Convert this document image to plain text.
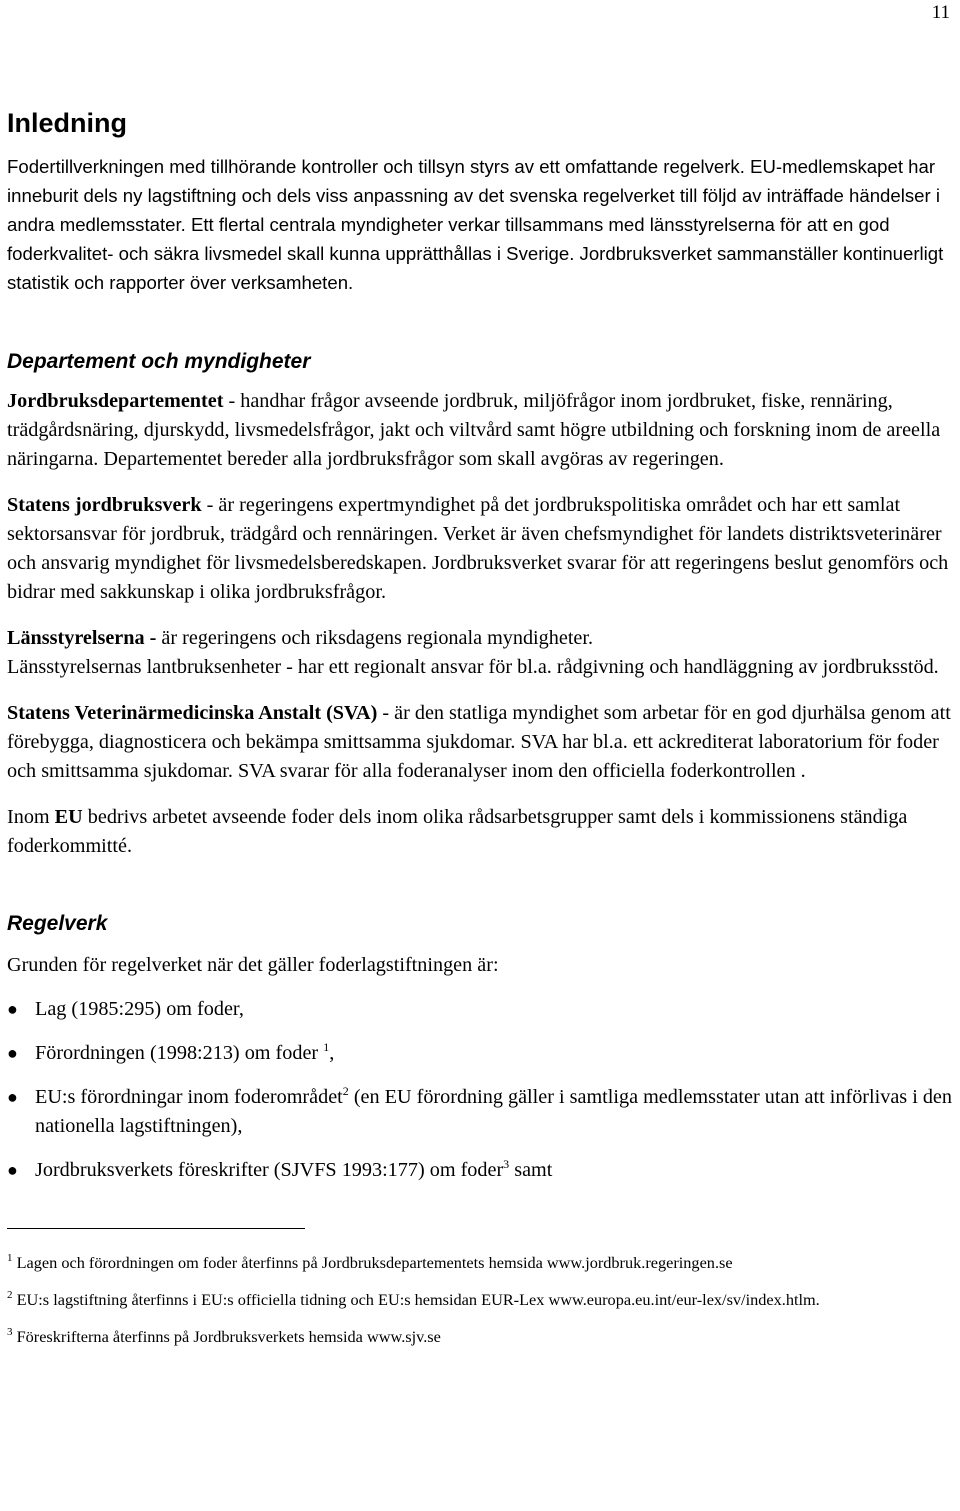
11
Inledning

Fodertillverkningen med tillhörande kontroller och tillsyn styrs av ett omfattande regelverk. EU-medlemskapet har inneburit dels ny lagstiftning och dels viss anpassning av det svenska regelverket till följd av inträffade händelser i andra medlemsstater. Ett flertal centrala myndigheter verkar tillsammans med länsstyrelserna för att en god foderkvalitet- och säkra livsmedel skall kunna upprätthållas i Sverige. Jordbruksverket sammanställer kontinuerligt statistik och rapporter över verksamheten.

Departement och myndigheter

Jordbruksdepartementet - handhar frågor avseende jordbruk, miljöfrågor inom jordbruket, fiske, rennäring, trädgårdsnäring, djurskydd, livsmedelsfrågor, jakt och viltvård samt högre utbildning och forskning inom de areella näringarna. Departementet bereder alla jordbruksfrågor som skall avgöras av regeringen.

Statens jordbruksverk - är regeringens expertmyndighet på det jordbrukspolitiska området och har ett samlat sektorsansvar för jordbruk, trädgård och rennäringen. Verket är även chefsmyndighet för landets distriktsveterinärer och ansvarig myndighet för livsmedelsberedskapen. Jordbruksverket svarar för att regeringens beslut genomförs och bidrar med sakkunskap i olika jordbruksfrågor.

Länsstyrelserna - är regeringens och riksdagens regionala myndigheter.
Länsstyrelsernas lantbruksenheter - har ett regionalt ansvar för bl.a. rådgivning och handläggning av jordbruksstöd.

Statens Veterinärmedicinska Anstalt (SVA) - är den statliga myndighet som arbetar för en god djurhälsa genom att förebygga, diagnosticera och bekämpa smittsamma sjukdomar. SVA har bl.a. ett ackrediterat laboratorium för foder och smittsamma sjukdomar. SVA svarar för alla foderanalyser inom den officiella foderkontrollen .

Inom EU bedrivs arbetet avseende foder dels inom olika rådsarbetsgrupper samt dels i kommissionens ständiga foderkommitté.

Regelverk

Grunden för regelverket när det gäller foderlagstiftningen är:

● Lag (1985:295) om foder,
● Förordningen (1998:213) om foder $^1$,
● EU:s förordningar inom foderområdet$^2$ (en EU förordning gäller i samtliga medlemsstater utan att införlivas i den nationella lagstiftningen),
● Jordbruksverkets föreskrifter (SJVFS 1993:177) om foder$^3$ samt

$^1$ Lagen och förordningen om foder återfinns på Jordbruksdepartementets hemsida www.jordbruk.regeringen.se

$^2$ EU:s lagstiftning återfinns i EU:s officiella tidning och EU:s hemsidan EUR-Lex www.europa.eu.int/eur-lex/sv/index.htlm.

$^3$ Föreskrifterna återfinns på Jordbruksverkets hemsida www.sjv.se
